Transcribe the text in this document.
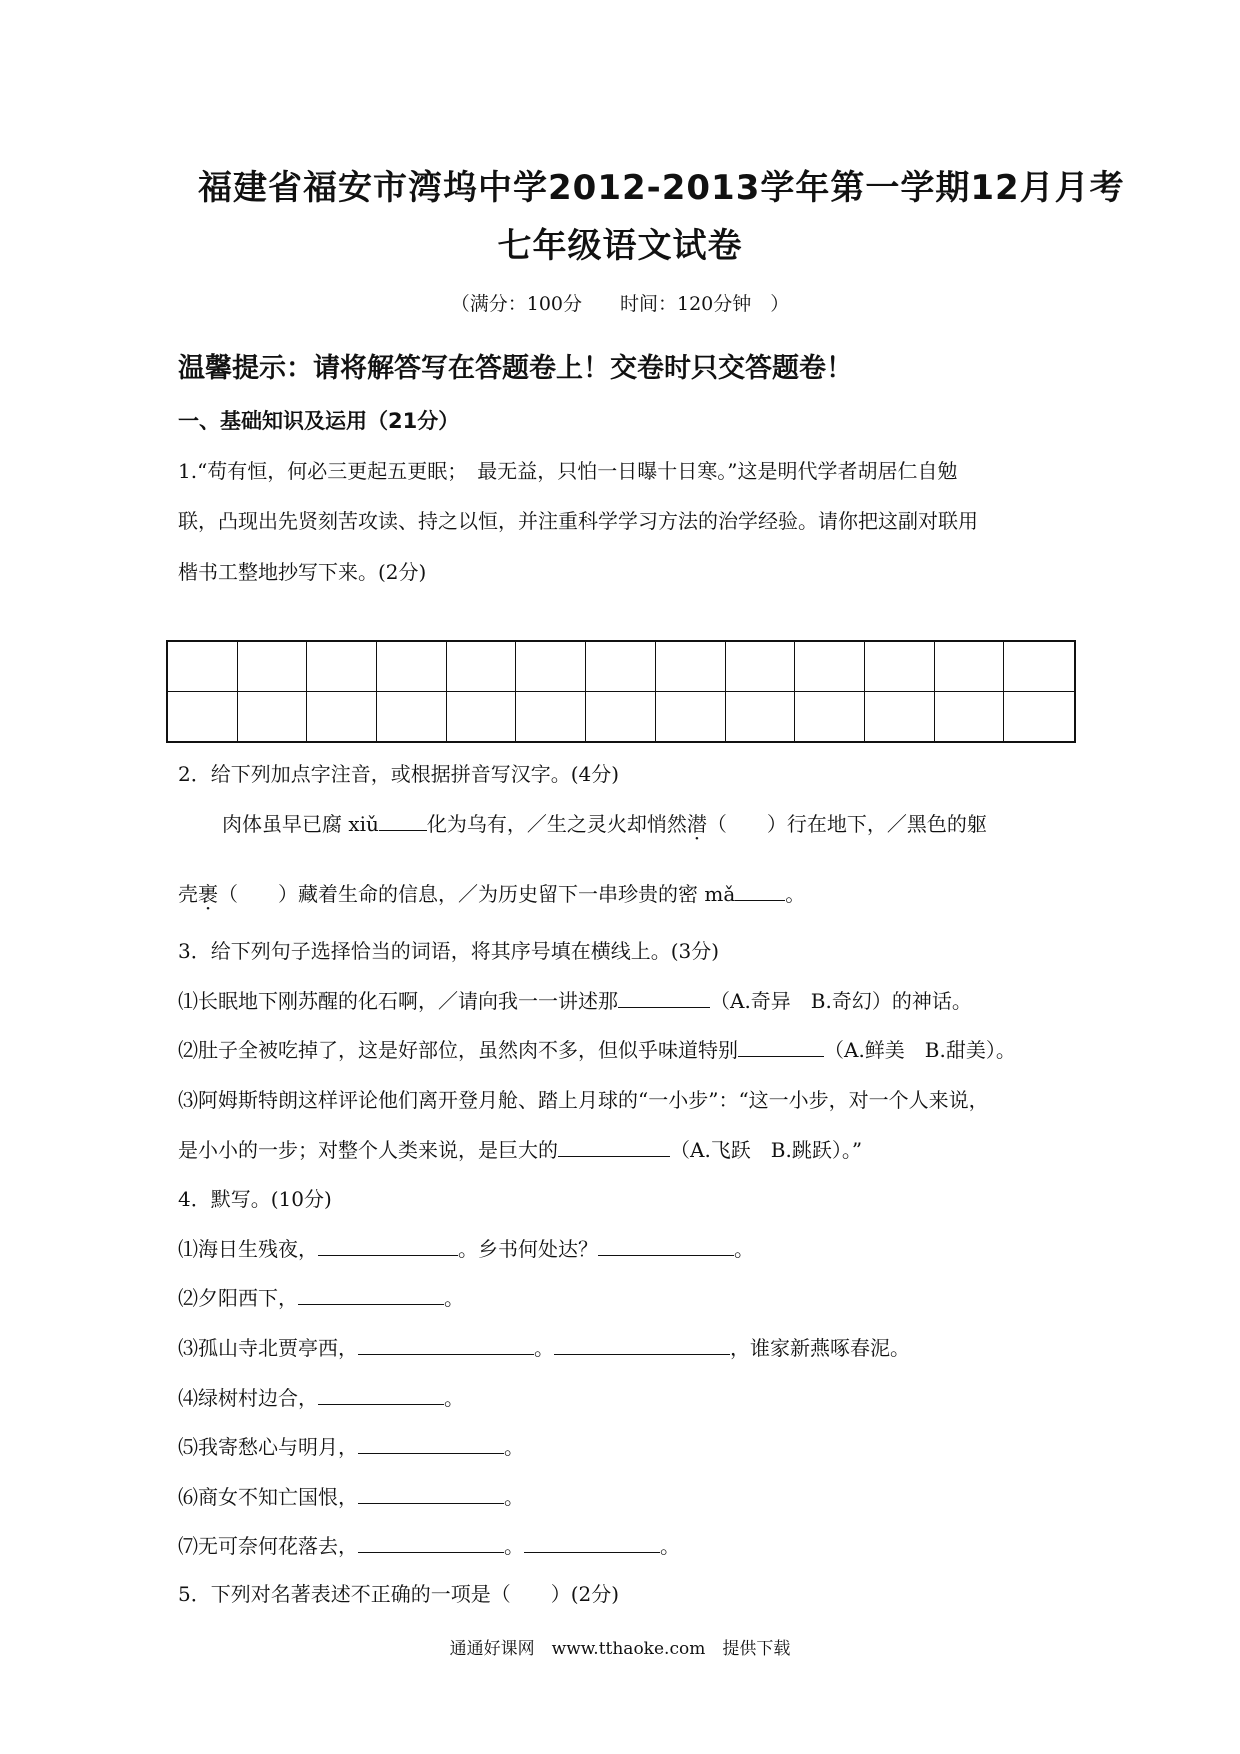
福建省福安市湾坞中学2012-2013学年第一学期12月月考
七年级语文试卷
（满分：100分　　时间：120分钟　）
温馨提示：请将解答写在答题卷上！交卷时只交答题卷！
一、基础知识及运用（21分）
1.“苟有恒，何必三更起五更眠；　最无益，只怕一日曝十日寒。”这是明代学者胡居仁自勉
联，凸现出先贤刻苦攻读、持之以恒，并注重科学学习方法的治学经验。请你把这副对联用
楷书工整地抄写下来。(2分)
2．给下列加点字注音，或根据拼音写汉字。(4分)
肉体虽早已腐 xiǔ 化为乌有，／生之灵火却悄然潜（　　）行在地下，／黑色的躯
壳裹（　　）藏着生命的信息，／为历史留下一串珍贵的密 mǎ	。
3．给下列句子选择恰当的词语，将其序号填在横线上。(3分)
⑴长眠地下刚苏醒的化石啊，／请向我一一讲述那	（A.奇异　B.奇幻）的神话。
⑵肚子全被吃掉了，这是好部位，虽然肉不多，但似乎味道特别	（A.鲜美　B.甜美）。
⑶阿姆斯特朗这样评论他们离开登月舱、踏上月球的“一小步”：“这一小步，对一个人来说，
是小小的一步；对整个人类来说，是巨大的	（A.飞跃　B.跳跃）。”
4．默写。(10分)
⑴海日生残夜，	。乡书何处达？	。
⑵夕阳西下，	。
⑶孤山寺北贾亭西，	。	，谁家新燕啄春泥。
⑷绿树村边合，	。
⑸我寄愁心与明月，	。
⑹商女不知亡国恨，	。
⑺无可奈何花落去，	。	。
5．下列对名著表述不正确的一项是（　　）(2分)
通通好课网　www.tthaoke.com　提供下载
